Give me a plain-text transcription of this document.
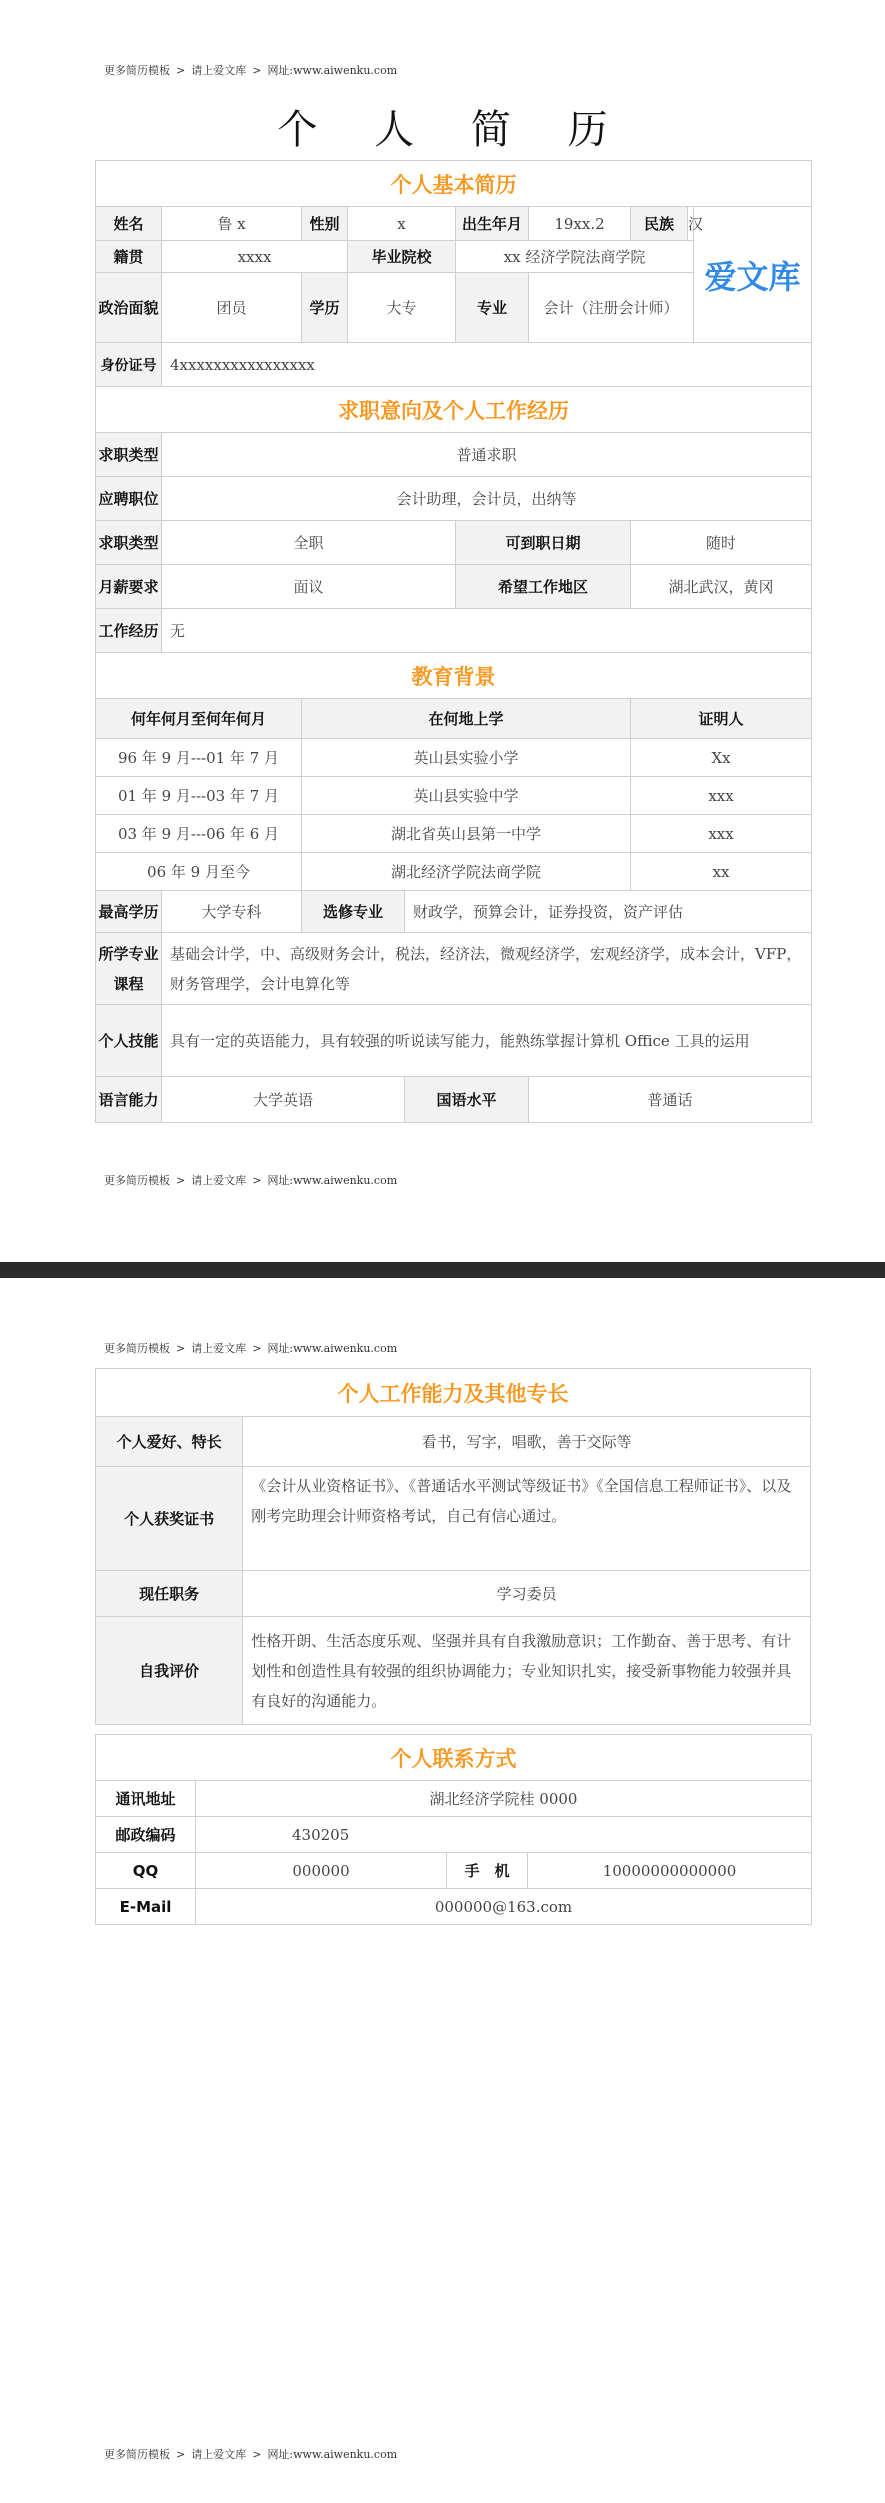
更多简历模板 > 请上爱文库 > 网址:www.aiwenku.com
个 人 简 历
个人基本简历									
姓名	鲁 x	性别	x		出生年月	19xx.2	民族	汉	爱文库
籍贯	xxxx		毕业院校		xx 经济学院法商学院				
政治面貌	团员	学历	大专		专业	会计（注册会计师）			
身份证号	4xxxxxxxxxxxxxxxx								
求职意向及个人工作经历									
求职类型	普通求职								
应聘职位	会计助理，会计员，出纳等								
求职类型	全职				可到职日期		随时		
月薪要求	面议				希望工作地区		湖北武汉，黄冈		
工作经历	无								
教育背景									
何年何月至何年何月		在何地上学					证明人		
96 年 9 月---01 年 7 月		英山县实验小学					Xx		
01 年 9 月---03 年 7 月		英山县实验中学					xxx		
03 年 9 月---06 年 6 月		湖北省英山县第一中学					xxx		
06 年 9 月至今		湖北经济学院法商学院					xx		
最高学历	大学专科	选修专业		财政学，预算会计，证券投资，资产评估					
所学专业课程	基础会计学，中、高级财务会计，税法，经济法，微观经济学，宏观经济学，成本会计，VFP，财务管理学，会计电算化等								
个人技能	具有一定的英语能力，具有较强的听说读写能力，能熟练掌握计算机 Office 工具的运用								
语言能力	大学英语			国语水平		普通话			
更多简历模板 > 请上爱文库 > 网址:www.aiwenku.com
更多简历模板 > 请上爱文库 > 网址:www.aiwenku.com
个人工作能力及其他专长	
个人爱好、特长	看书，写字，唱歌，善于交际等
个人获奖证书	《会计从业资格证书》、《普通话水平测试等级证书》《全国信息工程师证书》、以及刚考完助理会计师资格考试，自己有信心通过。
现任职务	学习委员
自我评价	性格开朗、生活态度乐观、坚强并具有自我激励意识；工作勤奋、善于思考、有计划性和创造性具有较强的组织协调能力；专业知识扎实，接受新事物能力较强并具有良好的沟通能力。
个人联系方式			
通讯地址	湖北经济学院桂 0000		
邮政编码	430205		
QQ	000000	手　机	10000000000000
E-Mail	000000@163.com		
更多简历模板 > 请上爱文库 > 网址:www.aiwenku.com
